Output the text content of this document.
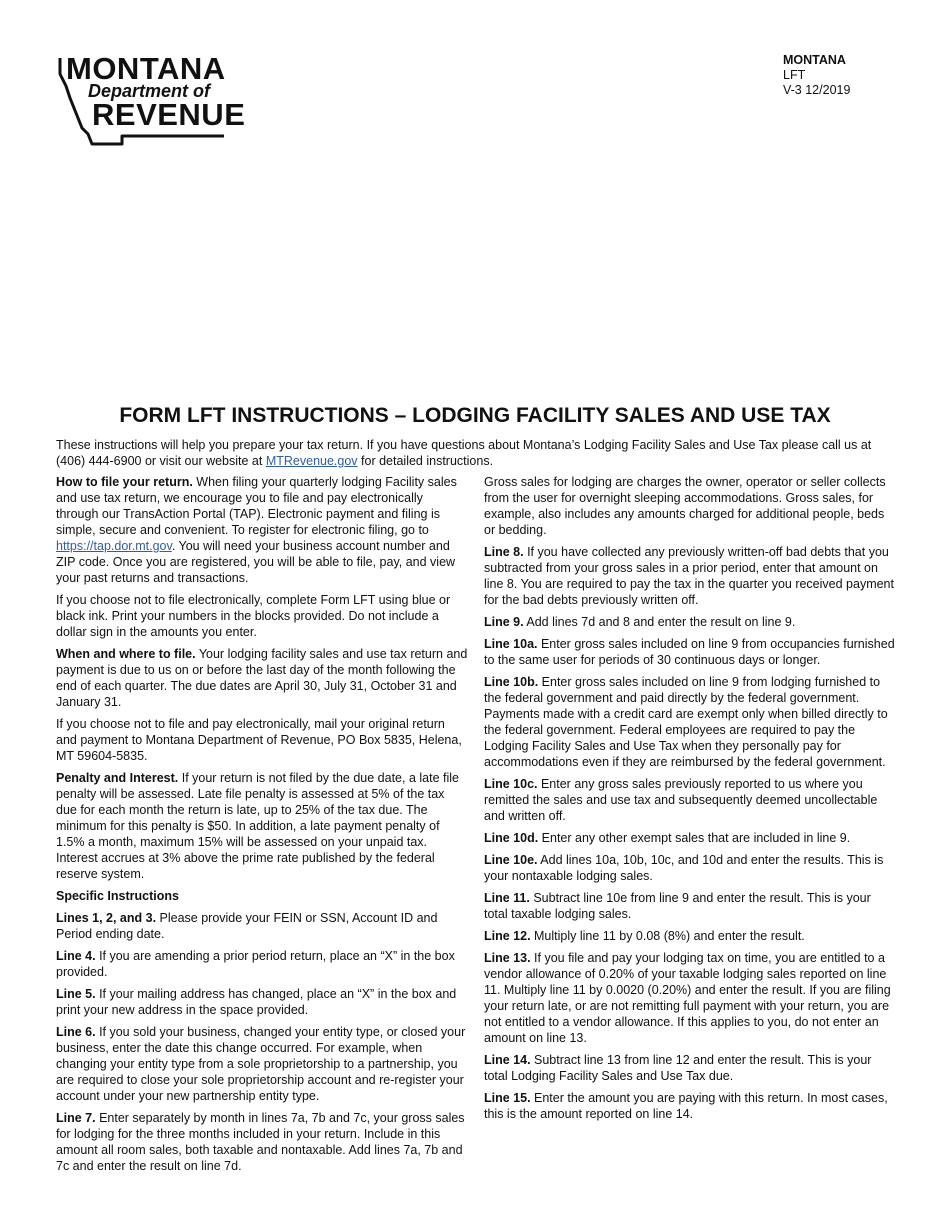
MONTANA
Department of
REVENUE
MONTANA
LFT
V-3 12/2019
FORM LFT INSTRUCTIONS – LODGING FACILITY SALES AND USE TAX

These instructions will help you prepare your tax return. If you have questions about Montana’s Lodging Facility Sales and Use Tax please call us at (406) 444-6900 or visit our website at MTRevenue.gov for detailed instructions.

How to file your return. When filing your quarterly lodging Facility sales and use tax return, we encourage you to file and pay electronically through our TransAction Portal (TAP). Electronic payment and filing is simple, secure and convenient. To register for electronic filing, go to https://tap.dor.mt.gov. You will need your business account number and ZIP code. Once you are registered, you will be able to file, pay, and view your past returns and transactions.

If you choose not to file electronically, complete Form LFT using blue or black ink. Print your numbers in the blocks provided. Do not include a dollar sign in the amounts you enter.

When and where to file. Your lodging facility sales and use tax return and payment is due to us on or before the last day of the month following the end of each quarter. The due dates are April 30, July 31, October 31 and January 31.

If you choose not to file and pay electronically, mail your original return and payment to Montana Department of Revenue, PO Box 5835, Helena, MT 59604-5835.

Penalty and Interest. If your return is not filed by the due date, a late file penalty will be assessed. Late file penalty is assessed at 5% of the tax due for each month the return is late, up to 25% of the tax due. The minimum for this penalty is $50. In addition, a late payment penalty of 1.5% a month, maximum 15% will be assessed on your unpaid tax. Interest accrues at 3% above the prime rate published by the federal reserve system.

Specific Instructions

Lines 1, 2, and 3. Please provide your FEIN or SSN, Account ID and Period ending date.

Line 4. If you are amending a prior period return, place an “X” in the box provided.

Line 5. If your mailing address has changed, place an “X” in the box and print your new address in the space provided.

Line 6. If you sold your business, changed your entity type, or closed your business, enter the date this change occurred. For example, when changing your entity type from a sole proprietorship to a partnership, you are required to close your sole proprietorship account and re-register your account under your new partnership entity type.

Line 7. Enter separately by month in lines 7a, 7b and 7c, your gross sales for lodging for the three months included in your return. Include in this amount all room sales, both taxable and nontaxable. Add lines 7a, 7b and 7c and enter the result on line 7d.

Gross sales for lodging are charges the owner, operator or seller collects from the user for overnight sleeping accommodations. Gross sales, for example, also includes any amounts charged for additional people, beds or bedding.

Line 8. If you have collected any previously written-off bad debts that you subtracted from your gross sales in a prior period, enter that amount on line 8. You are required to pay the tax in the quarter you received payment for the bad debts previously written off.

Line 9. Add lines 7d and 8 and enter the result on line 9.

Line 10a. Enter gross sales included on line 9 from occupancies furnished to the same user for periods of 30 continuous days or longer.

Line 10b. Enter gross sales included on line 9 from lodging furnished to the federal government and paid directly by the federal government. Payments made with a credit card are exempt only when billed directly to the federal government. Federal employees are required to pay the Lodging Facility Sales and Use Tax when they personally pay for accommodations even if they are reimbursed by the federal government.

Line 10c. Enter any gross sales previously reported to us where you remitted the sales and use tax and subsequently deemed uncollectable and written off.

Line 10d. Enter any other exempt sales that are included in line 9.

Line 10e. Add lines 10a, 10b, 10c, and 10d and enter the results. This is your nontaxable lodging sales.

Line 11. Subtract line 10e from line 9 and enter the result. This is your total taxable lodging sales.

Line 12. Multiply line 11 by 0.08 (8%) and enter the result.

Line 13. If you file and pay your lodging tax on time, you are entitled to a vendor allowance of 0.20% of your taxable lodging sales reported on line 11. Multiply line 11 by 0.0020 (0.20%) and enter the result. If you are filing your return late, or are not remitting full payment with your return, you are not entitled to a vendor allowance. If this applies to you, do not enter an amount on line 13.

Line 14. Subtract line 13 from line 12 and enter the result. This is your total Lodging Facility Sales and Use Tax due.

Line 15. Enter the amount you are paying with this return. In most cases, this is the amount reported on line 14.
